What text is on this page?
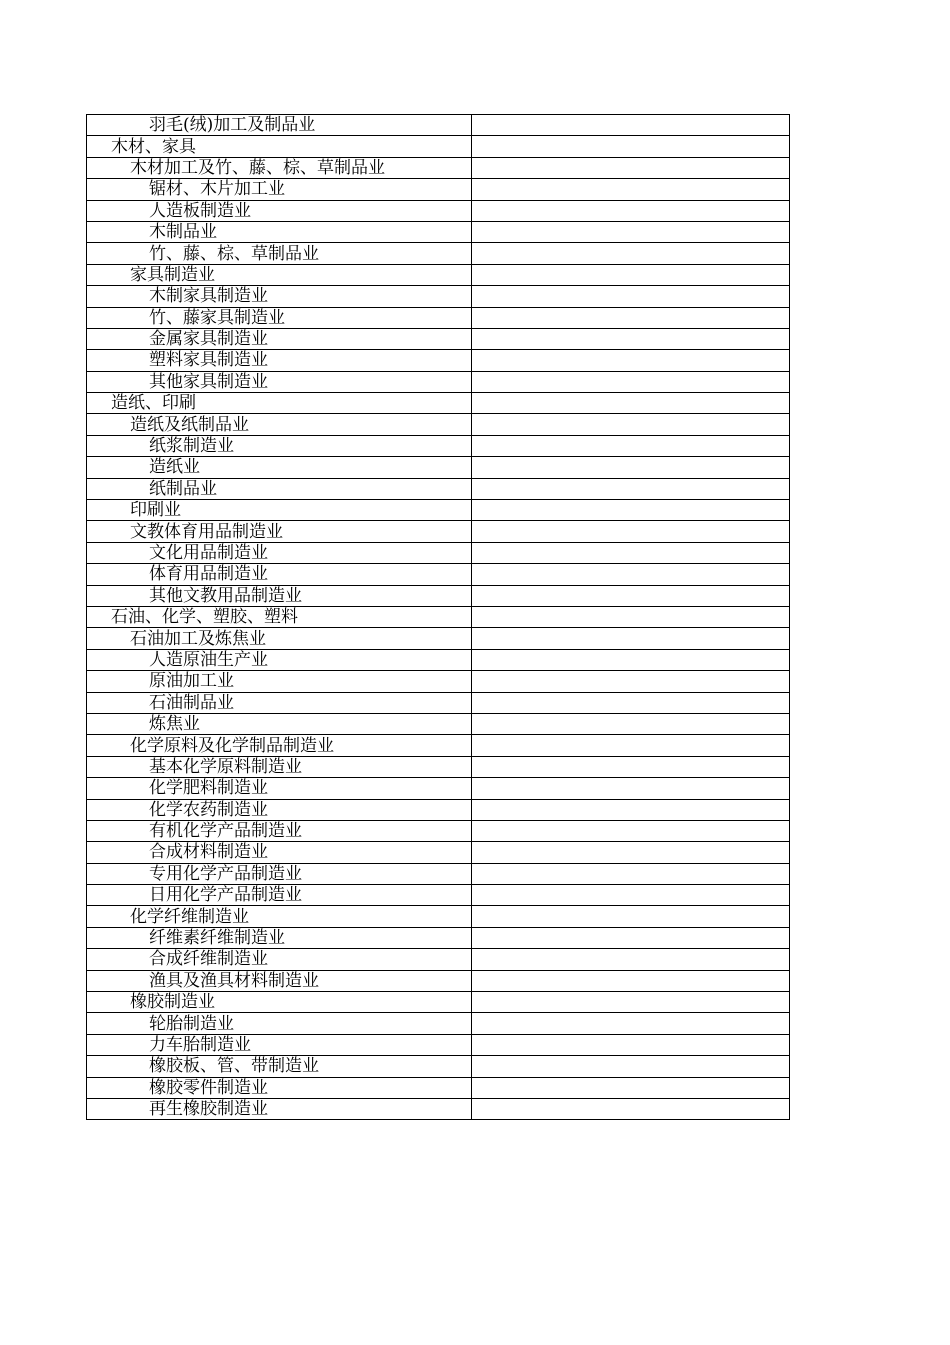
羽毛(绒)加工及制品业	
木材、家具	
木材加工及竹、藤、棕、草制品业	
锯材、木片加工业	
人造板制造业	
木制品业	
竹、藤、棕、草制品业	
家具制造业	
木制家具制造业	
竹、藤家具制造业	
金属家具制造业	
塑料家具制造业	
其他家具制造业	
造纸、印刷	
造纸及纸制品业	
纸浆制造业	
造纸业	
纸制品业	
印刷业	
文教体育用品制造业	
文化用品制造业	
体育用品制造业	
其他文教用品制造业	
石油、化学、塑胶、塑料	
石油加工及炼焦业	
人造原油生产业	
原油加工业	
石油制品业	
炼焦业	
化学原料及化学制品制造业	
基本化学原料制造业	
化学肥料制造业	
化学农药制造业	
有机化学产品制造业	
合成材料制造业	
专用化学产品制造业	
日用化学产品制造业	
化学纤维制造业	
纤维素纤维制造业	
合成纤维制造业	
渔具及渔具材料制造业	
橡胶制造业	
轮胎制造业	
力车胎制造业	
橡胶板、管、带制造业	
橡胶零件制造业	
再生橡胶制造业	
